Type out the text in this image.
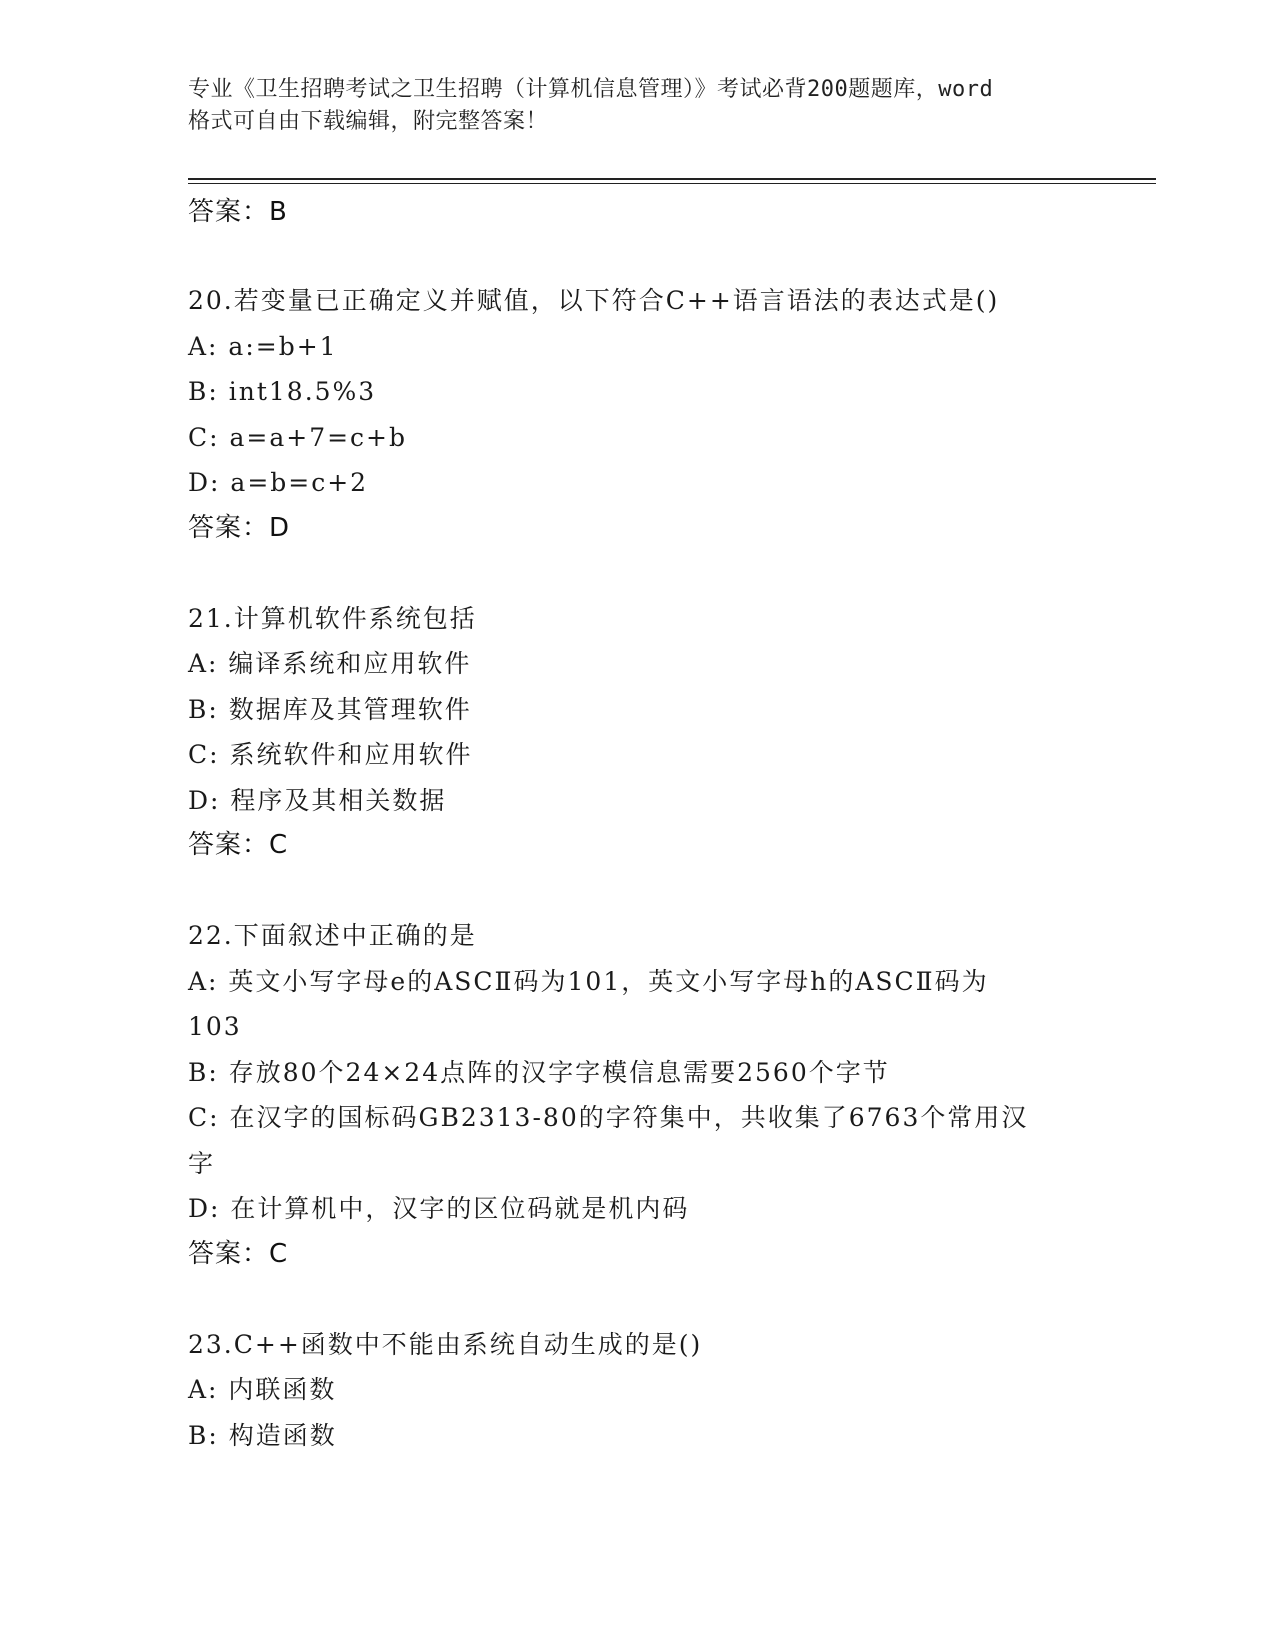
专业《卫生招聘考试之卫生招聘（计算机信息管理）》考试必背200题题库，word
格式可自由下载编辑，附完整答案！
答案：B
20.若变量已正确定义并赋值，以下符合C++语言语法的表达式是()
A: a:=b+1
B: int18.5%3
C: a=a+7=c+b
D: a=b=c+2
答案：D
21.计算机软件系统包括
A: 编译系统和应用软件
B: 数据库及其管理软件
C: 系统软件和应用软件
D: 程序及其相关数据
答案：C
22.下面叙述中正确的是
A: 英文小写字母e的ASCⅡ码为101，英文小写字母h的ASCⅡ码为
103
B: 存放80个24×24点阵的汉字字模信息需要2560个字节
C: 在汉字的国标码GB2313-80的字符集中，共收集了6763个常用汉
字
D: 在计算机中，汉字的区位码就是机内码
答案：C
23.C++函数中不能由系统自动生成的是()
A: 内联函数
B: 构造函数
